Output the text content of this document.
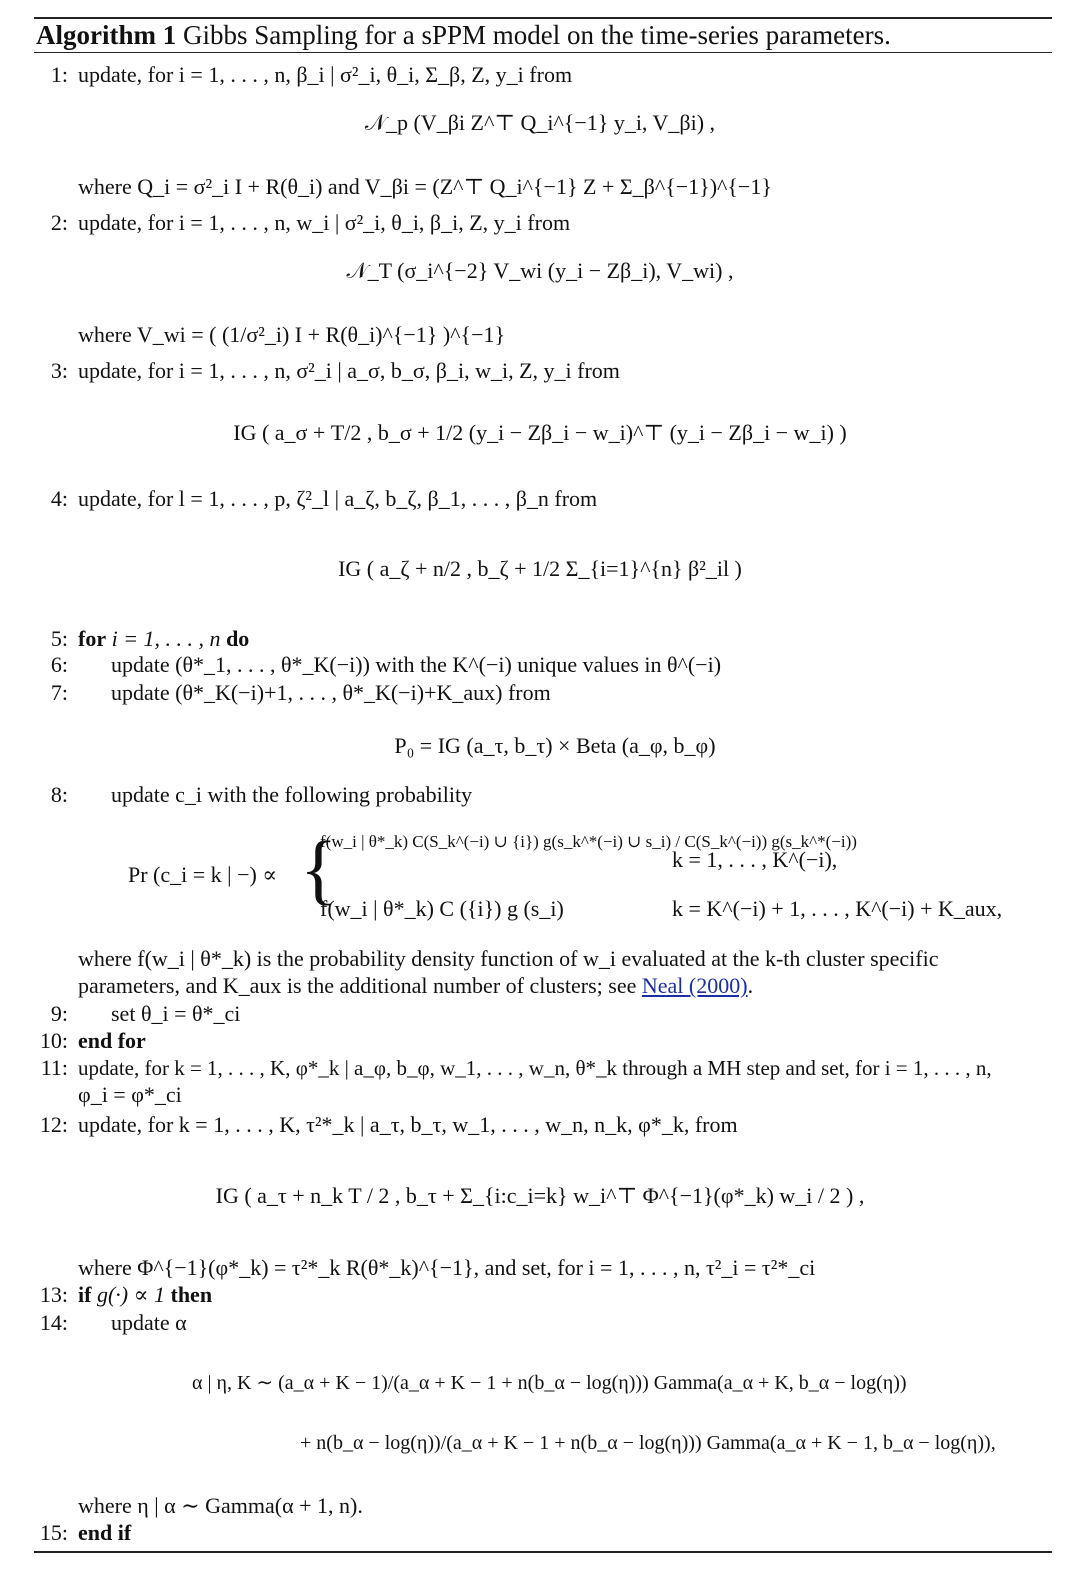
Algorithm 1 Gibbs Sampling for a sPPM model on the time-series parameters.
1: update, for i = 1, . . . , n, β_i | σ²_i, θ_i, Σ_β, Z, y_i from
𝒩_p (V_βi Z^⊤ Q_i^{−1} y_i, V_βi) ,
where Q_i = σ²_i I + R(θ_i) and V_βi = (Z^⊤ Q_i^{−1} Z + Σ_β^{−1})^{−1}
2: update, for i = 1, . . . , n, w_i | σ²_i, θ_i, β_i, Z, y_i from
𝒩_T (σ_i^{−2} V_wi (y_i − Zβ_i), V_wi) ,
where V_wi = ( (1/σ²_i) I + R(θ_i)^{−1} )^{−1}
3: update, for i = 1, . . . , n, σ²_i | a_σ, b_σ, β_i, w_i, Z, y_i from
IG ( a_σ + T/2 , b_σ + 1/2 (y_i − Zβ_i − w_i)^⊤ (y_i − Zβ_i − w_i) )
4: update, for l = 1, . . . , p, ζ²_l | a_ζ, b_ζ, β_1, . . . , β_n from
IG ( a_ζ + n/2 , b_ζ + 1/2 Σ_{i=1}^{n} β²_il )
5: for i = 1, . . . , n do
6: update (θ*_1, . . . , θ*_K(−i)) with the K^(−i) unique values in θ^(−i)
7: update (θ*_K(−i)+1, . . . , θ*_K(−i)+K_aux) from
P₀ = IG (a_τ, b_τ) × Beta (a_φ, b_φ)
8: update c_i with the following probability
Pr (c_i = k | −) ∝ {
f(w_i | θ*_k) C(S_k^(−i) ∪ {i}) g(s_k^*(−i) ∪ s_i) / C(S_k^(−i)) g(s_k^*(−i))
k = 1, . . . , K^(−i),
f(w_i | θ*_k) C ({i}) g (s_i)	k = K^(−i) + 1, . . . , K^(−i) + K_aux,
where f(w_i | θ*_k) is the probability density function of w_i evaluated at the k-th cluster specific
parameters, and K_aux is the additional number of clusters; see Neal (2000).
9: set θ_i = θ*_ci
10: end for
11: update, for k = 1, . . . , K, φ*_k | a_φ, b_φ, w_1, . . . , w_n, θ*_k through a MH step and set, for i = 1, . . . , n,
φ_i = φ*_ci
12: update, for k = 1, . . . , K, τ²*_k | a_τ, b_τ, w_1, . . . , w_n, n_k, φ*_k, from
IG ( a_τ + n_k T / 2 , b_τ + Σ_{i:c_i=k} w_i^⊤ Φ^{−1}(φ*_k) w_i / 2 ) ,
where Φ^{−1}(φ*_k) = τ²*_k R(θ*_k)^{−1}, and set, for i = 1, . . . , n, τ²_i = τ²*_ci
13: if g(·) ∝ 1 then
14: update α
α | η, K ∼ (a_α + K − 1)/(a_α + K − 1 + n(b_α − log(η))) Gamma(a_α + K, b_α − log(η))
+ n(b_α − log(η))/(a_α + K − 1 + n(b_α − log(η))) Gamma(a_α + K − 1, b_α − log(η)),
where η | α ∼ Gamma(α + 1, n).
15: end if
